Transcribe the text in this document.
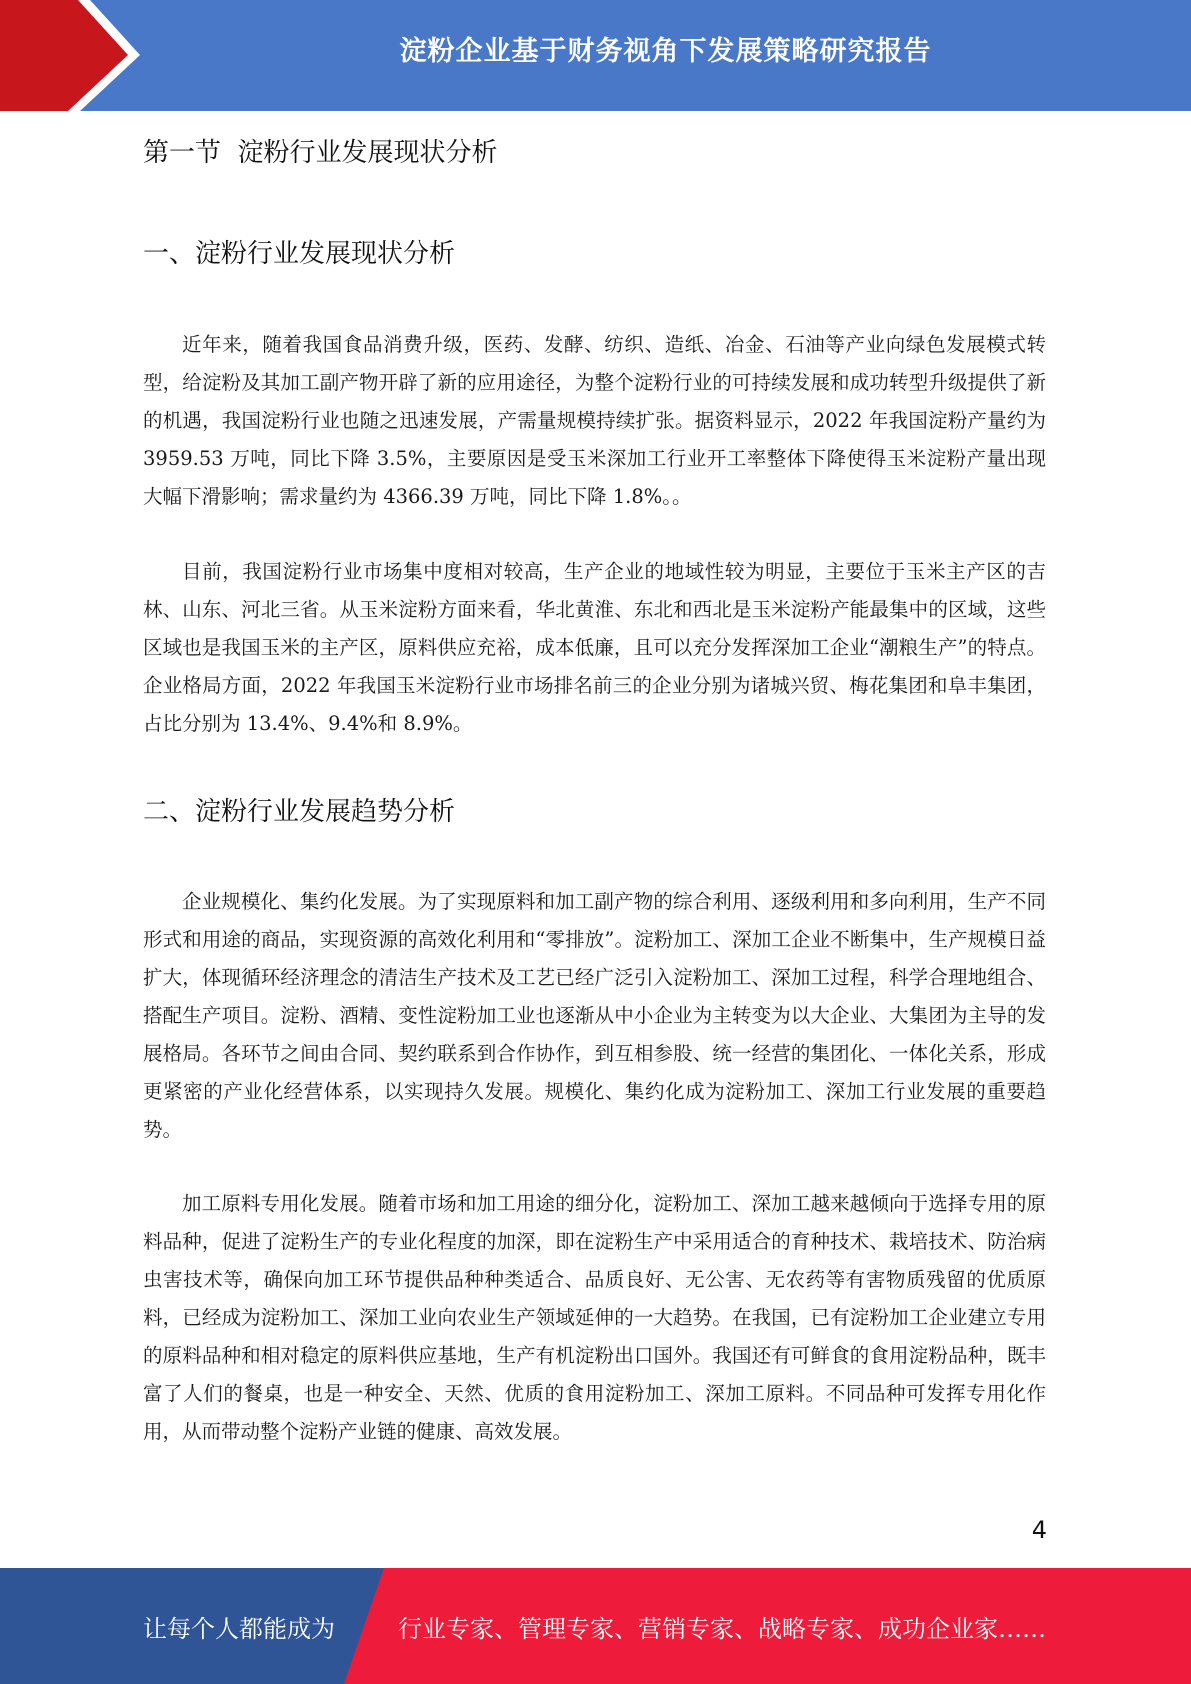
淀粉企业基于财务视角下发展策略研究报告
第一节  淀粉行业发展现状分析
一、淀粉行业发展现状分析

近年来，随着我国食品消费升级，医药、发酵、纺织、造纸、冶金、石油等产业向绿色发展模式转型，给淀粉及其加工副产物开辟了新的应用途径，为整个淀粉行业的可持续发展和成功转型升级提供了新的机遇，我国淀粉行业也随之迅速发展，产需量规模持续扩张。据资料显示，2022 年我国淀粉产量约为 3959.53 万吨，同比下降 3.5%，主要原因是受玉米深加工行业开工率整体下降使得玉米淀粉产量出现大幅下滑影响；需求量约为 4366.39 万吨，同比下降 1.8%。。

目前，我国淀粉行业市场集中度相对较高，生产企业的地域性较为明显，主要位于玉米主产区的吉林、山东、河北三省。从玉米淀粉方面来看，华北黄淮、东北和西北是玉米淀粉产能最集中的区域，这些区域也是我国玉米的主产区，原料供应充裕，成本低廉，且可以充分发挥深加工企业“潮粮生产”的特点。企业格局方面，2022 年我国玉米淀粉行业市场排名前三的企业分别为诸城兴贸、梅花集团和阜丰集团，占比分别为 13.4%、9.4%和 8.9%。

二、淀粉行业发展趋势分析

企业规模化、集约化发展。为了实现原料和加工副产物的综合利用、逐级利用和多向利用，生产不同形式和用途的商品，实现资源的高效化利用和“零排放”。淀粉加工、深加工企业不断集中，生产规模日益扩大，体现循环经济理念的清洁生产技术及工艺已经广泛引入淀粉加工、深加工过程，科学合理地组合、搭配生产项目。淀粉、酒精、变性淀粉加工业也逐渐从中小企业为主转变为以大企业、大集团为主导的发展格局。各环节之间由合同、契约联系到合作协作，到互相参股、统一经营的集团化、一体化关系，形成更紧密的产业化经营体系，以实现持久发展。规模化、集约化成为淀粉加工、深加工行业发展的重要趋势。

加工原料专用化发展。随着市场和加工用途的细分化，淀粉加工、深加工越来越倾向于选择专用的原料品种，促进了淀粉生产的专业化程度的加深，即在淀粉生产中采用适合的育种技术、栽培技术、防治病虫害技术等，确保向加工环节提供品种种类适合、品质良好、无公害、无农药等有害物质残留的优质原料，已经成为淀粉加工、深加工业向农业生产领域延伸的一大趋势。在我国，已有淀粉加工企业建立专用的原料品种和相对稳定的原料供应基地，生产有机淀粉出口国外。我国还有可鲜食的食用淀粉品种，既丰富了人们的餐桌，也是一种安全、天然、优质的食用淀粉加工、深加工原料。不同品种可发挥专用化作用，从而带动整个淀粉产业链的健康、高效发展。

4
让每个人都能成为	行业专家、管理专家、营销专家、战略专家、成功企业家……
